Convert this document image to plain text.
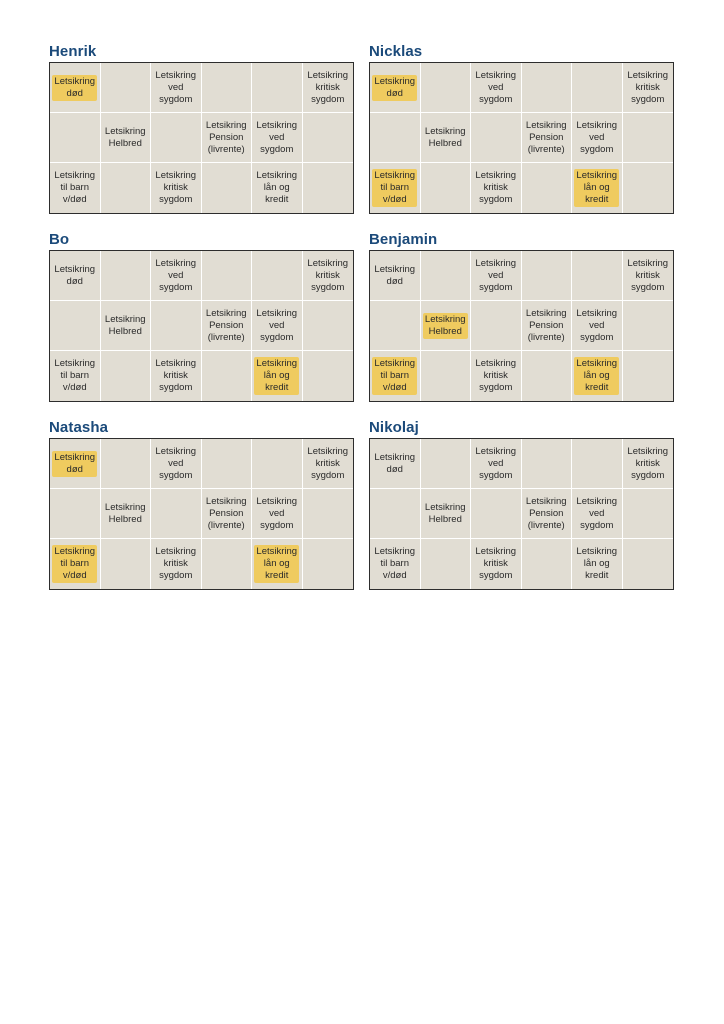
Henrik
Letsikring
død
Letsikring
ved
sygdom
Letsikring
kritisk
sygdom
Letsikring
Helbred
Letsikring
Pension
(livrente)
Letsikring
ved
sygdom
Letsikring
til barn
v/død
Letsikring
kritisk
sygdom
Letsikring
lån og
kredit
Nicklas
Letsikring
død
Letsikring
ved
sygdom
Letsikring
kritisk
sygdom
Letsikring
Helbred
Letsikring
Pension
(livrente)
Letsikring
ved
sygdom
Letsikring
til barn
v/død
Letsikring
kritisk
sygdom
Letsikring
lån og
kredit
Bo
Letsikring
død
Letsikring
ved
sygdom
Letsikring
kritisk
sygdom
Letsikring
Helbred
Letsikring
Pension
(livrente)
Letsikring
ved
sygdom
Letsikring
til barn
v/død
Letsikring
kritisk
sygdom
Letsikring
lån og
kredit
Benjamin
Letsikring
død
Letsikring
ved
sygdom
Letsikring
kritisk
sygdom
Letsikring
Helbred
Letsikring
Pension
(livrente)
Letsikring
ved
sygdom
Letsikring
til barn
v/død
Letsikring
kritisk
sygdom
Letsikring
lån og
kredit
Natasha
Letsikring
død
Letsikring
ved
sygdom
Letsikring
kritisk
sygdom
Letsikring
Helbred
Letsikring
Pension
(livrente)
Letsikring
ved
sygdom
Letsikring
til barn
v/død
Letsikring
kritisk
sygdom
Letsikring
lån og
kredit
Nikolaj
Letsikring
død
Letsikring
ved
sygdom
Letsikring
kritisk
sygdom
Letsikring
Helbred
Letsikring
Pension
(livrente)
Letsikring
ved
sygdom
Letsikring
til barn
v/død
Letsikring
kritisk
sygdom
Letsikring
lån og
kredit
